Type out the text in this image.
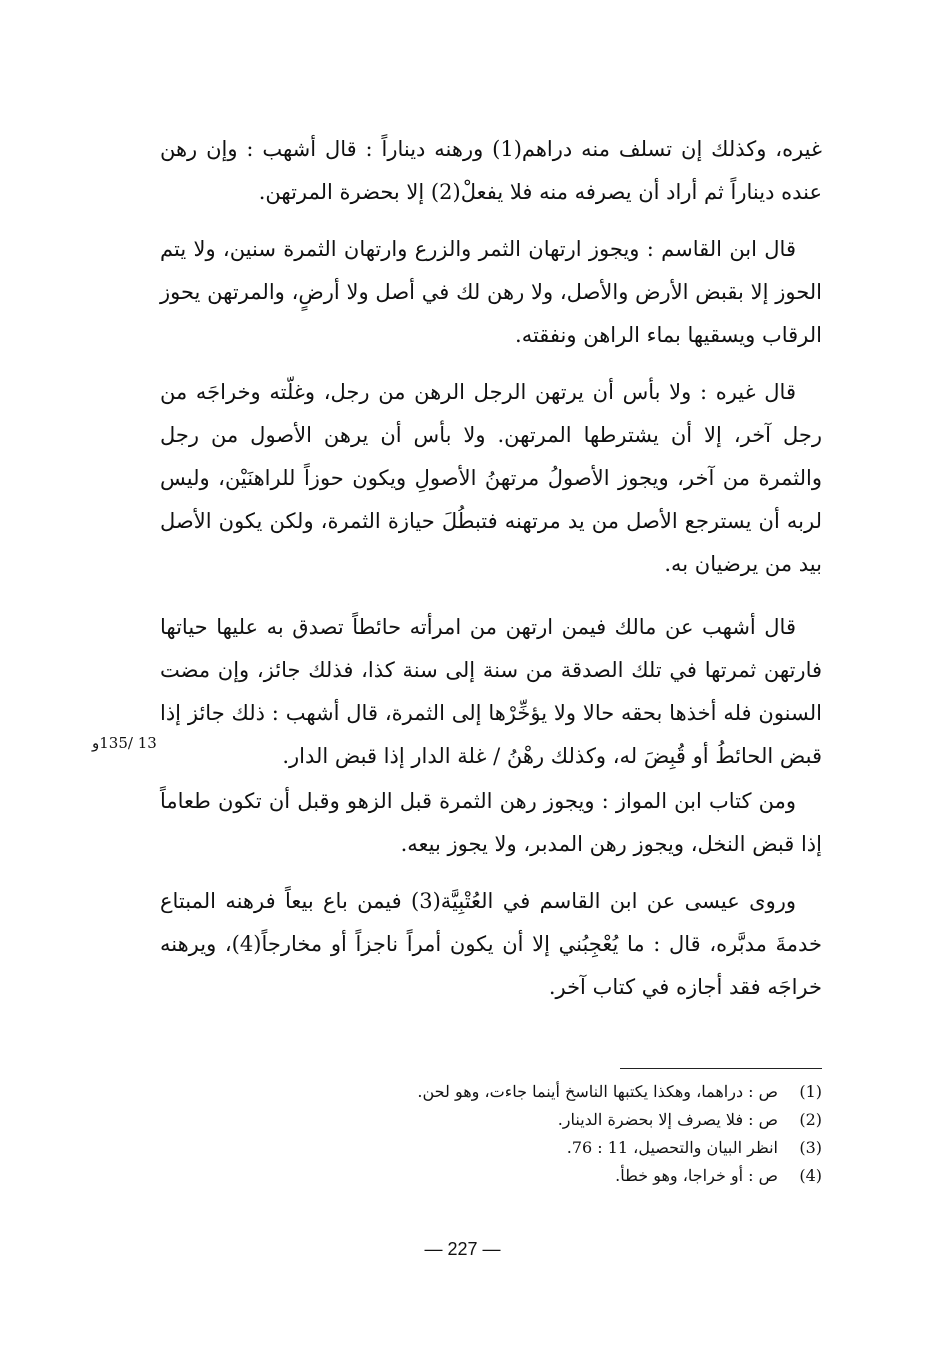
غيره، وكذلك إن تسلف منه دراهم(1) ورهنه ديناراً : قال أشهب : وإن رهن عنده ديناراً ثم أراد أن يصرفه منه فلا يفعلْ(2) إلا بحضرة المرتهن.

قال ابن القاسم : ويجوز ارتهان الثمر والزرع وارتهان الثمرة سنين، ولا يتم الحوز إلا بقبض الأرض والأصل، ولا رهن لك في أصل ولا أرضٍ، والمرتهن يحوز الرقاب ويسقيها بماء الراهن ونفقته.

قال غيره : ولا بأس أن يرتهن الرجل الرهن من رجل، وغلّته وخراجَه من رجل آخر، إلا أن يشترطها المرتهن. ولا بأس أن يرهن الأصول من رجل والثمرة من آخر، ويجوز الأصولُ مرتهنُ الأصولِ ويكون حوزاً للراهنَيْن، وليس لربه أن يسترجع الأصل من يد مرتهنه فتبطُلَ حيازة الثمرة، ولكن يكون الأصل بيد من يرضيان به.

قال أشهب عن مالك فيمن ارتهن من امرأته حائطاً تصدق به عليها حياتها فارتهن ثمرتها في تلك الصدقة من سنة إلى سنة كذا، فذلك جائز، وإن مضت السنون فله أخذها بحقه حالا ولا يؤخِّرْها إلى الثمرة، قال أشهب : ذلك جائز إذا قبض الحائطُ أو قُبِضَ له، وكذلك رهْنُ / غلة الدار إذا قبض الدار.

ومن كتاب ابن المواز : ويجوز رهن الثمرة قبل الزهو وقبل أن تكون طعاماً إذا قبض النخل، ويجوز رهن المدبر، ولا يجوز بيعه.

وروى عيسى عن ابن القاسم في العُتْبِيَّة(3) فيمن باع بيعاً فرهنه المبتاع خدمةَ مدبَّره، قال : ما يُعْجِبُني إلا أن يكون أمراً ناجزاً أو مخارجاً(4)، ويرهنه خراجَه فقد أجازه في كتاب آخر.

13 /135و
(1)
ص : دراهما، وهكذا يكتبها الناسخ أينما جاءت، وهو لحن.
(2)
ص : فلا يصرف إلا بحضرة الدينار.
(3)
انظر البيان والتحصيل، 11 : 76.
(4)
ص : أو خراجا، وهو خطأ.
— 227 —
